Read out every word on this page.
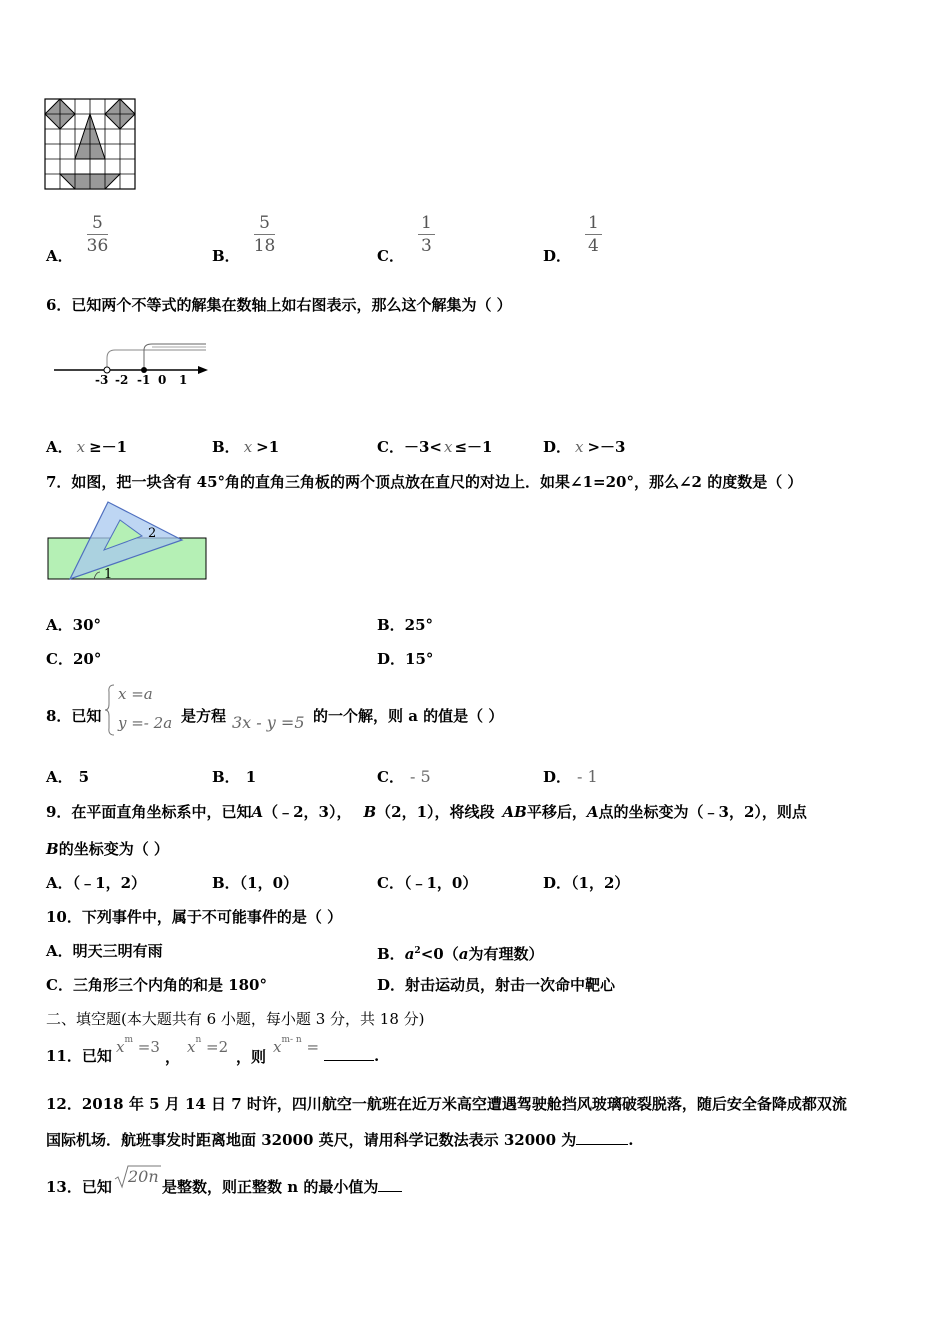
A． $\frac{5}{36}$	B． $\frac{5}{18}$	C． $\frac{1}{3}$	D． $\frac{1}{4}$
6．已知两个不等式的解集在数轴上如右图表示，那么这个解集为（ ）
-3 -2 -1 0 1
A． x ≥－1	B． x >1	C．－3< x ≤－1	D． x >－3
7．如图，把一块含有 45°角的直角三角板的两个顶点放在直尺的对边上．如果∠1=20°，那么∠2 的度数是（ ）
1
2
A．30°	B．25°
C．20°	D．15°
8．已知
x =a
y =- 2a 是方程 3x - y =5 的一个解，则 a 的值是（ ）
A． 5	B． 1	C． - 5	D． - 1
9．在平面直角坐标系中，已知A（﹣2，3）， B（2，1），将线段 AB平移后，A点的坐标变为（﹣3，2），则点
B的坐标变为（ ）
A．（﹣1，2）	B．（1，0）	C．（﹣1，0）	D．（1，2）
10．下列事件中，属于不可能事件的是（ ）
A．明天三明有雨	B．$a^2<0(a$为有理数）
C．三角形三个内角的和是 180°	D．射击运动员，射击一次命中靶心
二、填空题(本大题共有 6 小题，每小题 3 分，共 18 分)
11．已知 $x^m =3$
，
$x^n =2$
，则
$x^{m- n}$ =	.
12．2018 年 5 月 14 日 7 时许，四川航空一航班在近万米高空遭遇驾驶舱挡风玻璃破裂脱落，随后安全备降成都双流
国际机场．航班事发时距离地面 32000 英尺，请用科学记数法表示 32000 为	.
13．已知
20n
是整数，则正整数 n 的最小值为
